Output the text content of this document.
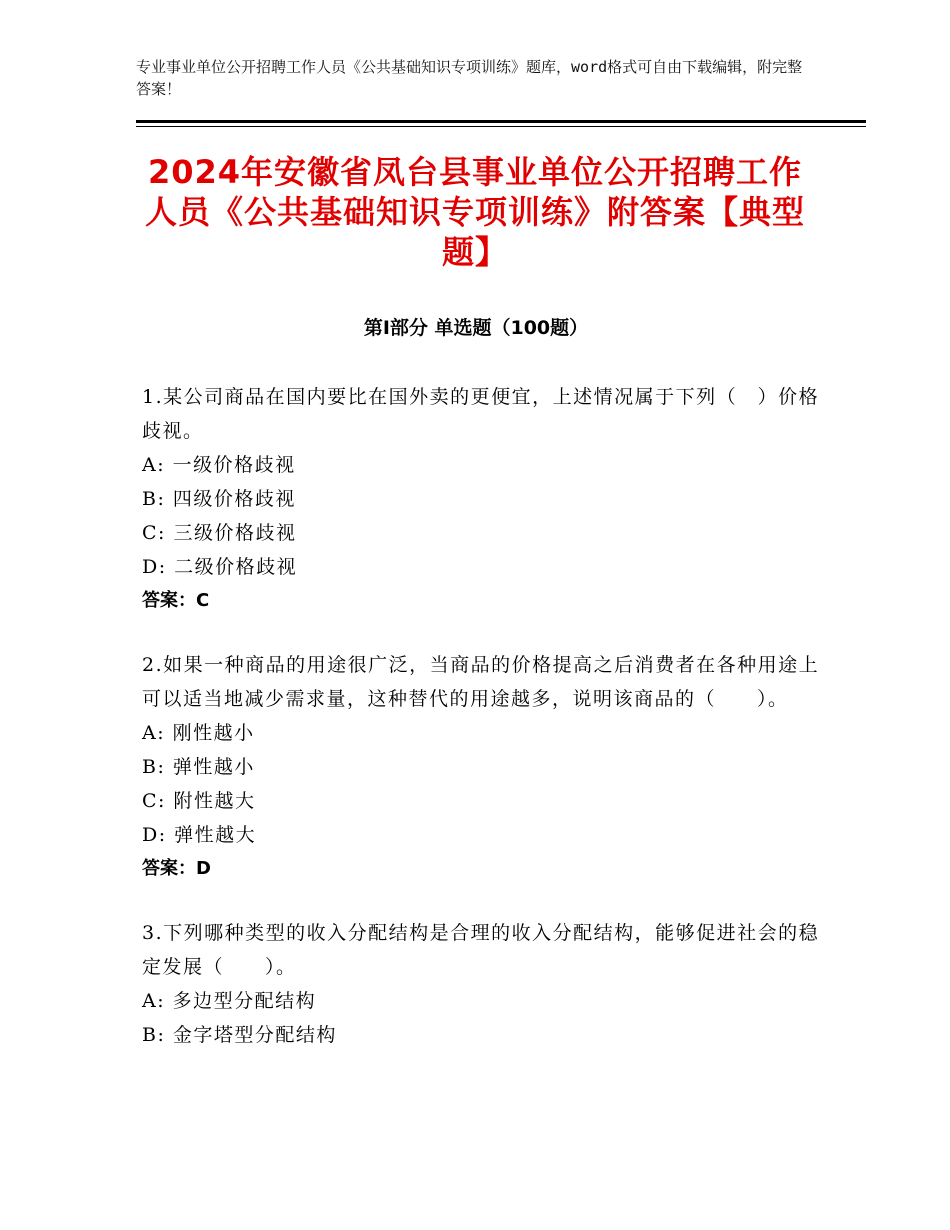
专业事业单位公开招聘工作人员《公共基础知识专项训练》题库，word格式可自由下载编辑，附完整答案！
2024年安徽省凤台县事业单位公开招聘工作人员《公共基础知识专项训练》附答案【典型题】
第Ⅰ部分 单选题（100题）

1.某公司商品在国内要比在国外卖的更便宜，上述情况属于下列（　）价格歧视。

A: 一级价格歧视

B: 四级价格歧视

C: 三级价格歧视

D: 二级价格歧视

答案：C

2.如果一种商品的用途很广泛，当商品的价格提高之后消费者在各种用途上可以适当地减少需求量，这种替代的用途越多，说明该商品的（　　）。

A: 刚性越小

B: 弹性越小

C: 附性越大

D: 弹性越大

答案：D

3.下列哪种类型的收入分配结构是合理的收入分配结构，能够促进社会的稳定发展（　　）。

A: 多边型分配结构

B: 金字塔型分配结构
